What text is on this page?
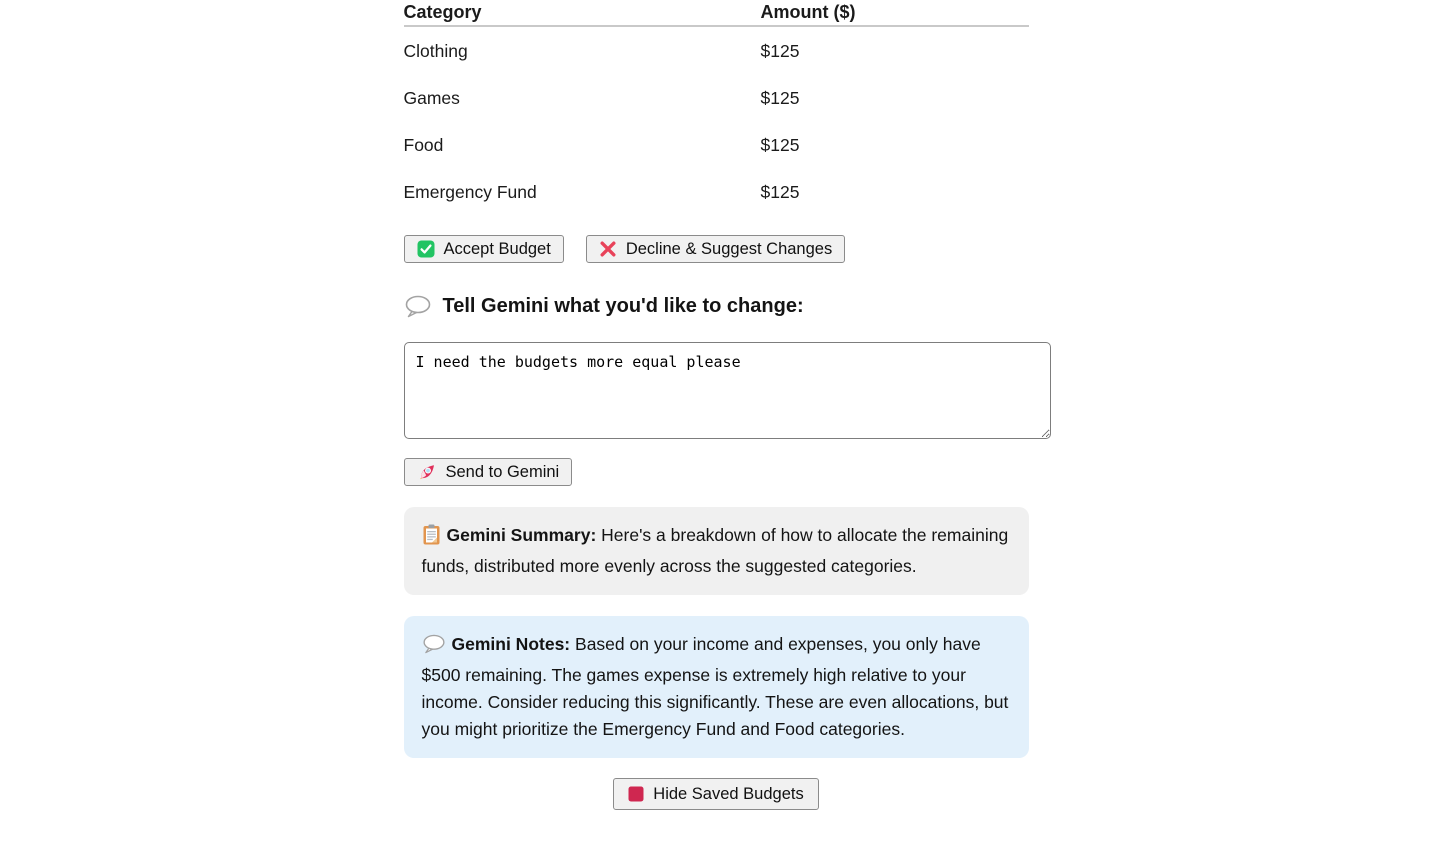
Category	Amount ($)
Clothing	$125
Games	$125
Food	$125
Emergency Fund	$125
Accept Budget	Decline & Suggest Changes
Tell Gemini what you'd like to change:
I need the budgets more equal please
Send to Gemini
Gemini Summary: Here's a breakdown of how to allocate the remaining funds, distributed more evenly across the suggested categories.
Gemini Notes: Based on your income and expenses, you only have $500 remaining. The games expense is extremely high relative to your income. Consider reducing this significantly. These are even allocations, but you might prioritize the Emergency Fund and Food categories.
Hide Saved Budgets
